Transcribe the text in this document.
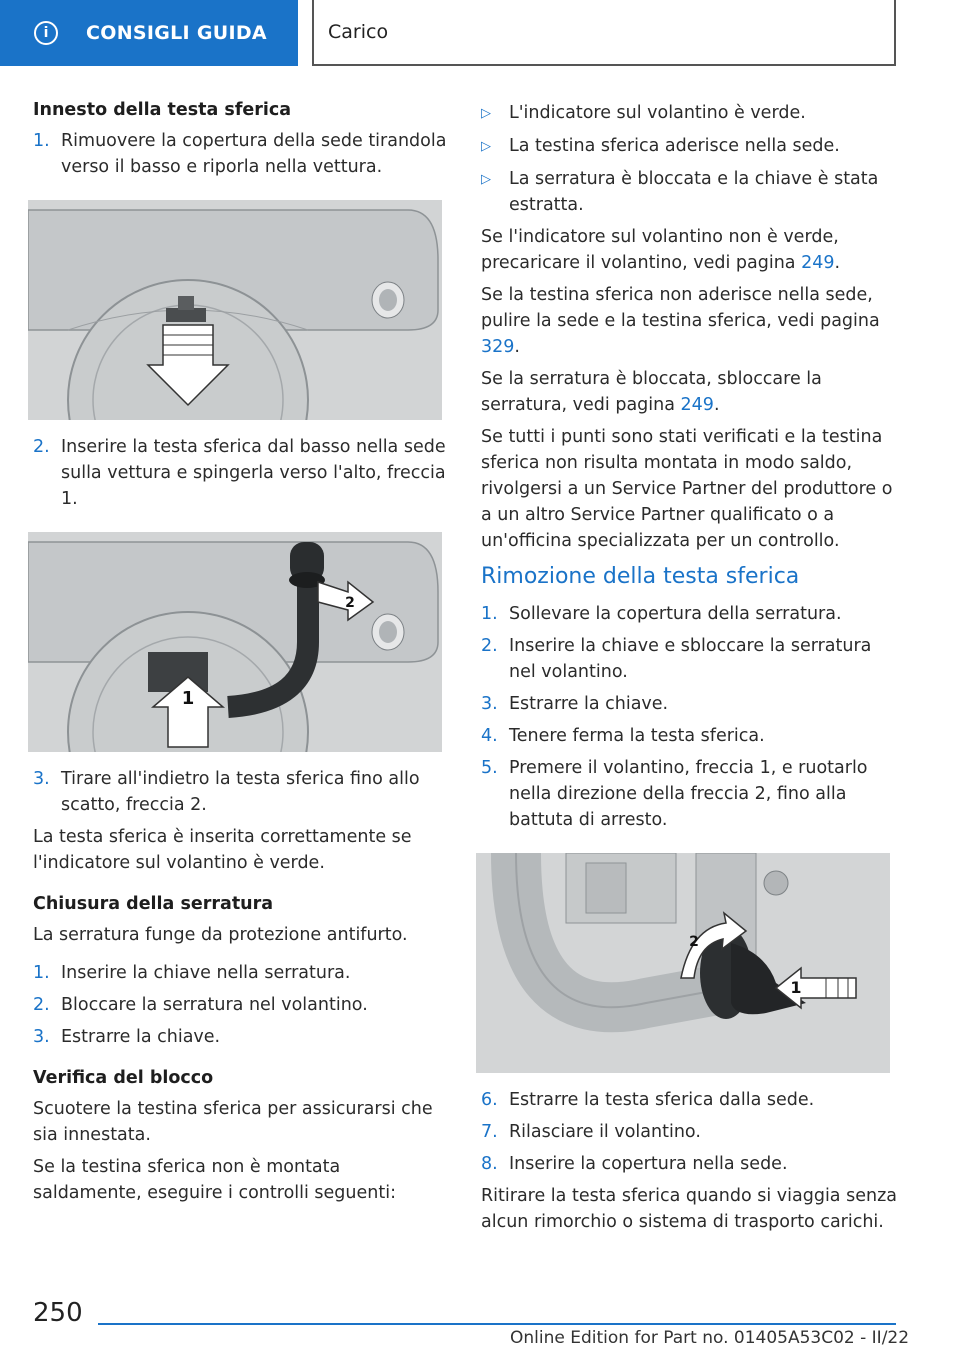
i	CONSIGLI GUIDA	Carico
Innesto della testa sferica
1. Rimuovere la copertura della sede tirandola verso il basso e riporla nella vettura.
2. Inserire la testa sferica dal basso nella sede sulla vettura e spingerla verso l'alto, freccia 1.
1
2
3. Tirare all'indietro la testa sferica fino allo scatto, freccia 2.
La testa sferica è inserita correttamente se l'indicatore sul volantino è verde.
Chiusura della serratura
La serratura funge da protezione antifurto.
1. Inserire la chiave nella serratura.
2. Bloccare la serratura nel volantino.
3. Estrarre la chiave.
Verifica del blocco
Scuotere la testina sferica per assicurarsi che sia innestata.
Se la testina sferica non è montata saldamente, eseguire i controlli seguenti:
▷	L'indicatore sul volantino è verde.
▷	La testina sferica aderisce nella sede.
▷	La serratura è bloccata e la chiave è stata estratta.
Se l'indicatore sul volantino non è verde, precaricare il volantino, vedi pagina 249.
Se la testina sferica non aderisce nella sede, pulire la sede e la testina sferica, vedi pagina 329.
Se la serratura è bloccata, sbloccare la serratura, vedi pagina 249.
Se tutti i punti sono stati verificati e la testina sferica non risulta montata in modo saldo, rivolgersi a un Service Partner del produttore o a un altro Service Partner qualificato o a un'officina specializzata per un controllo.
Rimozione della testa sferica
1. Sollevare la copertura della serratura.
2. Inserire la chiave e sbloccare la serratura nel volantino.
3. Estrarre la chiave.
4. Tenere ferma la testa sferica.
5. Premere il volantino, freccia 1, e ruotarlo nella direzione della freccia 2, fino alla battuta di arresto.
2
1
6. Estrarre la testa sferica dalla sede.
7. Rilasciare il volantino.
8. Inserire la copertura nella sede.
Ritirare la testa sferica quando si viaggia senza alcun rimorchio o sistema di trasporto carichi.
250
Online Edition for Part no. 01405A53C02 - II/22
